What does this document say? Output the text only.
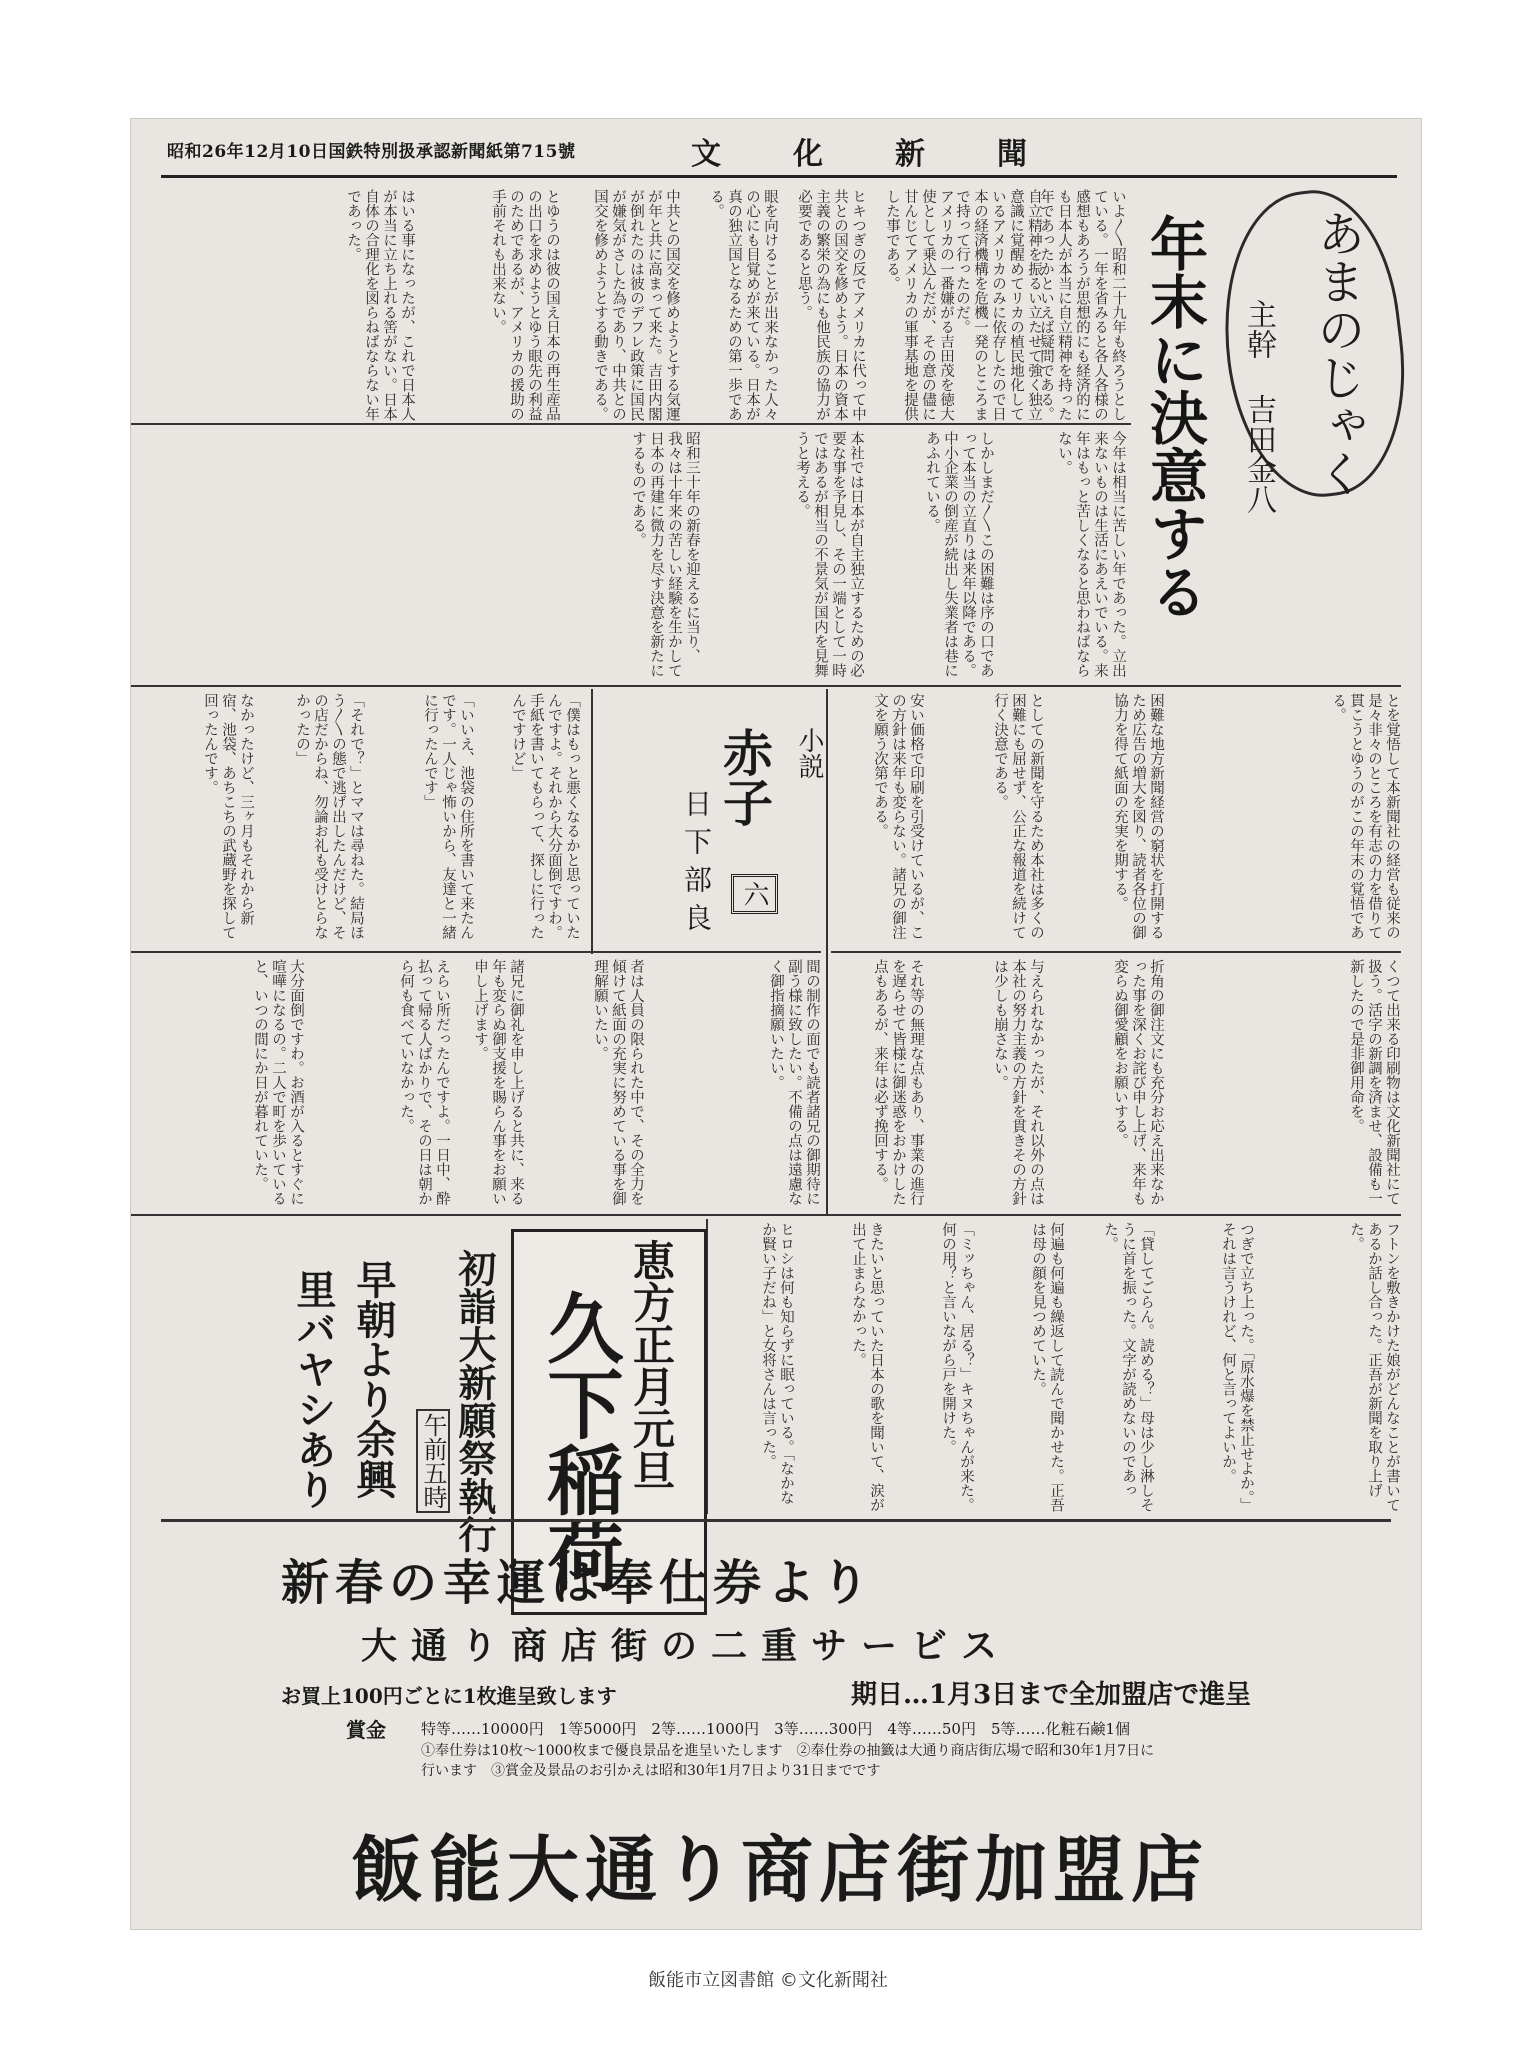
昭和26年12月10日国鉄特別扱承認新聞紙第715號	文化新聞
あまのじゃく
主幹 吉田金八
年末に決意する
いよ〳〵昭和二十九年も終ろうとしている。一年を省みると各人各様の感想もあろうが思想的にも経済的にも日本人が本当に自立精神を持った年であったかといえば疑問である。
自立精神を振るい立たせて強く独立意識に覚醒めてリカの植民地化しているアメリカのみに依存したので日本の経済機構を危機一発のところまで持って行ったのだ。
アメリカの一番嫌がる吉田茂を徳大使として乗込んだが、その意の儘に甘んじてアメリカの軍事基地を提供した事である。
ヒキつぎの反でアメリカに代って中共との国交を修めよう。日本の資本主義の繁栄の為にも他民族の協力が必要であると思う。
眼を向けることが出来なかった人々の心にも目覚めが来ている。日本が真の独立国となるための第一歩である。
中共との国交を修めようとする気運が年と共に高まって来た。吉田内閣が倒れたのは彼のデフレ政策に国民が嫌気がさした為であり、中共との国交を修めようとする動きである。
とゆうのは彼の国え日本の再生産品の出口を求めようとゆう眼先の利益のためであるが、アメリカの援助の手前それも出来ない。
はいる事になったが、これで日本人が本当に立ち上れる筈がない。日本自体の合理化を図らねばならない年であった。
今年は相当に苦しい年であった。立出来ないものは生活にあえいでいる。来年はもっと苦しくなると思わねばならない。
しかしまだ〳〵この困難は序の口であって本当の立直りは来年以降である。中小企業の倒産が続出し失業者は巷にあふれている。
本社では日本が自主独立するための必要な事を予見し、その一端として一時ではあるが相当の不景気が国内を見舞うと考える。
昭和三十年の新春を迎えるに当り、我々は十年来の苦しい経験を生かして日本の再建に微力を尽す決意を新たにするものである。
とを覚悟して本新聞社の経営も従来の是々非々のところを有志の力を借りて貫こうとゆうのがこの年末の覚悟である。
困難な地方新聞経営の窮状を打開するため広告の増大を図り、読者各位の御協力を得て紙面の充実を期する。
としての新聞を守るため本社は多くの困難にも屈せず、公正な報道を続けて行く決意である。
安い価格で印刷を引受けているが、この方針は来年も変らない。諸兄の御注文を願う次第である。
くつて出来る印刷物は文化新聞社にて扱う。活字の新調を済ませ、設備も一新したので是非御用命を。
折角の御注文にも充分お応え出来なかった事を深くお詫び申し上げ、来年も変らぬ御愛顧をお願いする。
与えられなかったが、それ以外の点は本社の努力主義の方針を貫きその方針は少しも崩さない。
それ等の無理な点もあり、事業の進行を遅らせて皆様に御迷惑をおかけした点もあるが、来年は必ず挽回する。
間の制作の面でも読者諸兄の御期待に副う様に致したい。不備の点は遠慮なく御指摘願いたい。
者は人員の限られた中で、その全力を傾けて紙面の充実に努めている事を御理解願いたい。
諸兄に御礼を申し上げると共に、来る年も変らぬ御支援を賜らん事をお願い申し上げます。
小説
赤子
六
日下部良
「僕はもっと悪くなるかと思っていたんですよ。それから大分面倒ですわ。手紙を書いてもらって、探しに行ったんですけど」
「いいえ、池袋の住所を書いて来たんです。一人じゃ怖いから、友達と一緒に行ったんです」
「それで？」とママは尋ねた。結局ほう〳〵の態で逃げ出したんだけど、その店だからね、勿論お礼も受けとらなかったの」
なかったけど、三ヶ月もそれから新宿、池袋、あちこちの武蔵野を探して回ったんです。
えらい所だったんですよ。一日中、酔払って帰る人ばかりで、その日は朝から何も食べていなかった。
大分面倒ですわ。お酒が入るとすぐに喧嘩になるの。二人で町を歩いていると、いつの間にか日が暮れていた。
フトンを敷きかけた娘がどんなことが書いてあるか話し合った。正吾が新聞を取り上げた。
つぎで立ち上った。「原水爆を禁止せよか。」それは言うけれど、何と言ってよいか。
「貸してごらん。読める？」母は少し淋しそうに首を振った。文字が読めないのであった。
何遍も何遍も繰返して読んで聞かせた。正吾は母の顔を見つめていた。
「ミッちゃん、居る？」キヌちゃんが来た。何の用？と言いながら戸を開けた。
きたいと思っていた日本の歌を聞いて、涙が出て止まらなかった。
ヒロシは何も知らずに眠っている。「なかなか賢い子だね」と女将さんは言った。
恵方正月元旦
久下稲荷
初詣大新願祭執行
午前五時
早朝より余興
里バヤシあり
新春の幸運は奉仕券より
大通り商店街の二重サービス
お買上100円ごとに1枚進呈致します	期日…1月3日まで全加盟店で進呈
賞金 特等……10000円　1等5000円　2等……1000円　3等……300円　4等……50円　5等……化粧石鹸1個
①奉仕券は10枚〜1000枚まで優良景品を進呈いたします　②奉仕券の抽籤は大通り商店街広場で昭和30年1月7日に
行います　③賞金及景品のお引かえは昭和30年1月7日より31日までです
飯能大通り商店街加盟店
飯能市立図書館 ©文化新聞社
